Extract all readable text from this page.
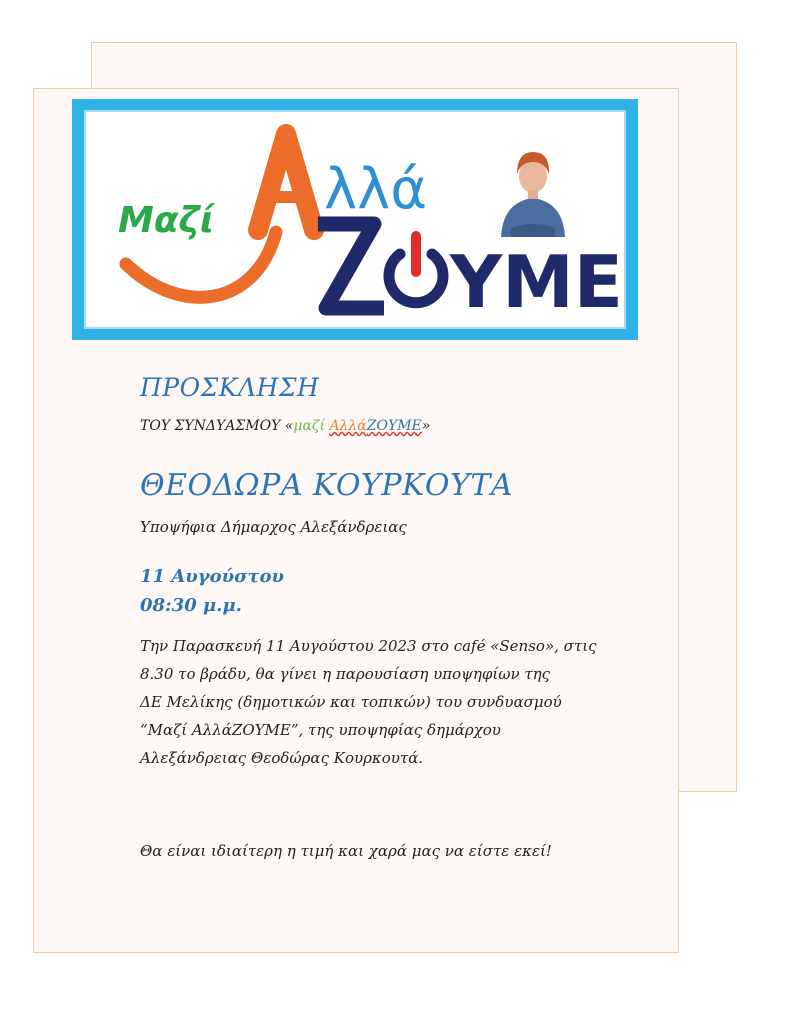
Μαζί λλά
ΥΜΕ
ΠΡΟΣΚΛΗΣΗ
ΤΟΥ ΣΥΝΔΥΑΣΜΟΥ «μαζί ΑλλάΖΟΥΜΕ»
ΘΕΟΔΩΡΑ ΚΟΥΡΚΟΥΤΑ
Υποψήφια Δήμαρχος Αλεξάνδρειας
11 Αυγούστου
08:30 μ.μ.
Την Παρασκευή 11 Αυγούστου 2023 στο café «Senso», στις
8.30 το βράδυ, θα γίνει η παρουσίαση υποψηφίων της
ΔΕ Μελίκης (δημοτικών και τοπικών) του συνδυασμού
“Μαζί ΑλλάΖΟΥΜΕ”, της υποψηφίας δημάρχου
Αλεξάνδρειας Θεοδώρας Κουρκουτά.
Θα είναι ιδιαίτερη η τιμή και χαρά μας να είστε εκεί!
